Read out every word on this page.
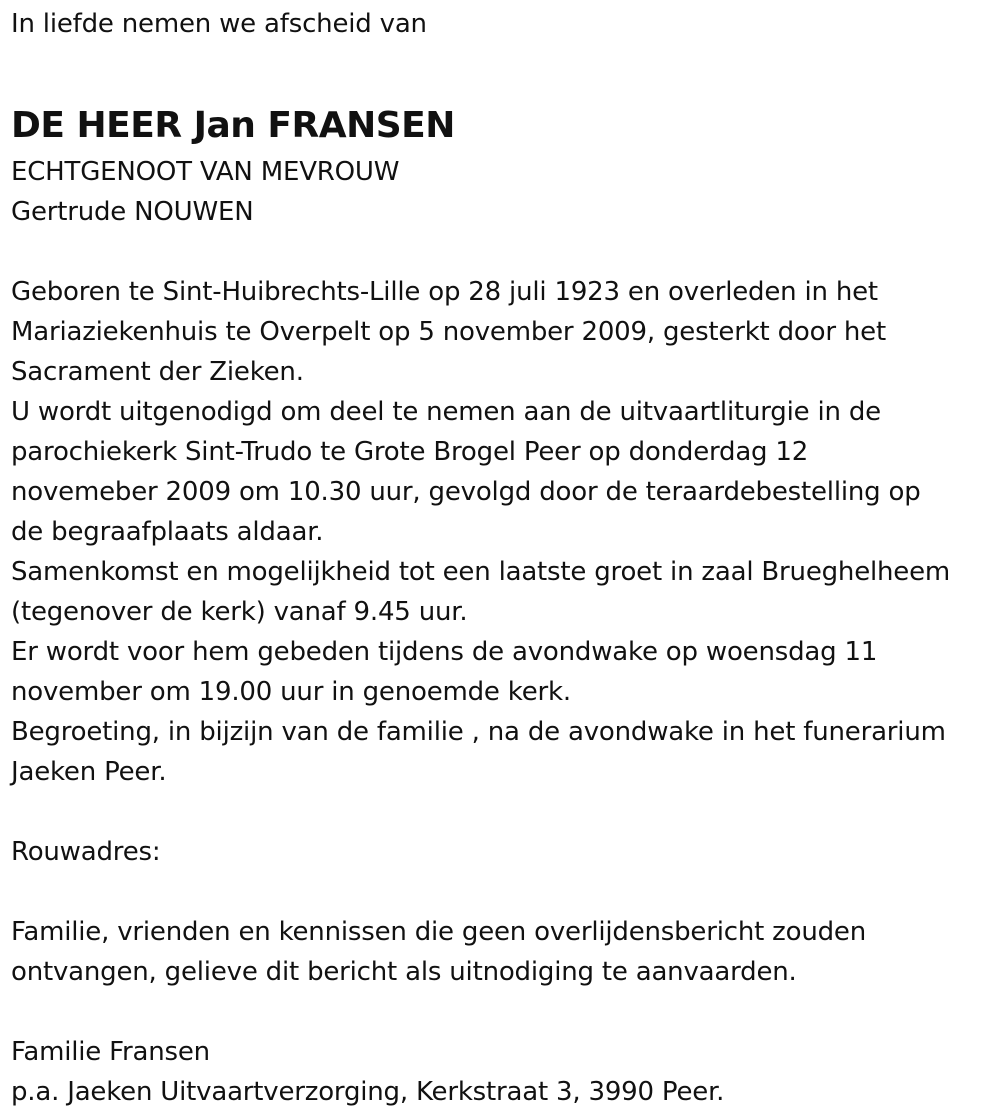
In liefde nemen we afscheid van
DE HEER Jan FRANSEN
ECHTGENOOT VAN MEVROUW
Gertrude NOUWEN
Geboren te Sint-Huibrechts-Lille op 28 juli 1923 en overleden in het
Mariaziekenhuis te Overpelt op 5 november 2009, gesterkt door het
Sacrament der Zieken.
U wordt uitgenodigd om deel te nemen aan de uitvaartliturgie in de
parochiekerk Sint-Trudo te Grote Brogel Peer op donderdag 12
novemeber 2009 om 10.30 uur, gevolgd door de teraardebestelling op
de begraafplaats aldaar.
Samenkomst en mogelijkheid tot een laatste groet in zaal Brueghelheem
(tegenover de kerk) vanaf 9.45 uur.
Er wordt voor hem gebeden tijdens de avondwake op woensdag 11
november om 19.00 uur in genoemde kerk.
Begroeting, in bijzijn van de familie , na de avondwake in het funerarium
Jaeken Peer.
Rouwadres:
Familie, vrienden en kennissen die geen overlijdensbericht zouden
ontvangen, gelieve dit bericht als uitnodiging te aanvaarden.
Familie Fransen
p.a. Jaeken Uitvaartverzorging, Kerkstraat 3, 3990 Peer.
